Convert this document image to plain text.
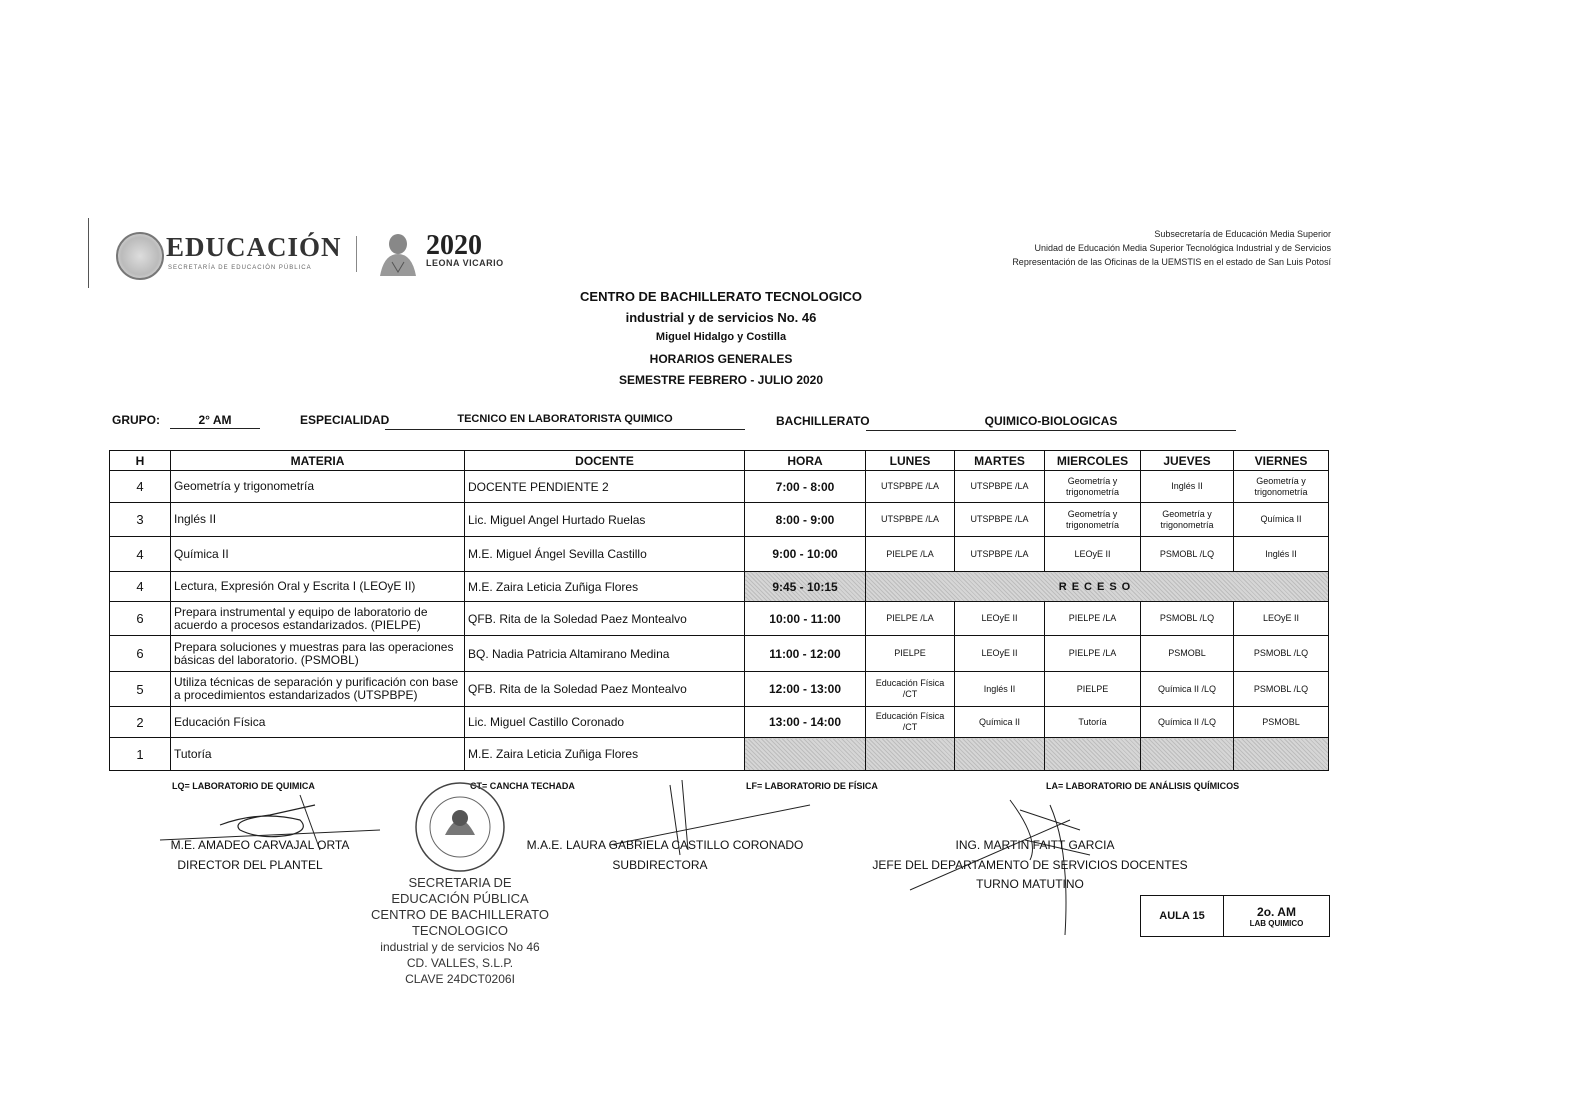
EDUCACIÓN
SECRETARÍA DE EDUCACIÓN PÚBLICA
2020
LEONA VICARIO
Subsecretaría de Educación Media Superior
Unidad de Educación Media Superior Tecnológica Industrial y de Servicios
Representación de las Oficinas de la UEMSTIS en el estado de San Luis Potosí
CENTRO DE BACHILLERATO TECNOLOGICO
industrial y de servicios No. 46
Miguel Hidalgo y Costilla
HORARIOS GENERALES
SEMESTRE FEBRERO - JULIO 2020
GRUPO:	2° AM	ESPECIALIDAD	TECNICO EN LABORATORISTA QUIMICO	BACHILLERATO	QUIMICO-BIOLOGICAS
H	MATERIA	DOCENTE	HORA	LUNES	MARTES	MIERCOLES	JUEVES	VIERNES
4	Geometría y trigonometría	DOCENTE PENDIENTE 2	7:00 - 8:00	UTSPBPE /LA	UTSPBPE /LA	Geometría y trigonometría	Inglés II	Geometría y trigonometría
3	Inglés II	Lic. Miguel Angel Hurtado Ruelas	8:00 - 9:00	UTSPBPE /LA	UTSPBPE /LA	Geometría y trigonometría	Geometría y trigonometría	Química II
4	Química II	M.E. Miguel Ángel Sevilla Castillo	9:00 - 10:00	PIELPE /LA	UTSPBPE /LA	LEOyE II	PSMOBL /LQ	Inglés II
4	Lectura, Expresión Oral y Escrita I (LEOyE II)	M.E. Zaira Leticia Zuñiga Flores	9:45 - 10:15	RECESO				
6	Prepara instrumental y equipo de laboratorio de acuerdo a procesos estandarizados. (PIELPE)	QFB. Rita de la Soledad Paez Montealvo	10:00 - 11:00	PIELPE /LA	LEOyE II	PIELPE /LA	PSMOBL /LQ	LEOyE II
6	Prepara soluciones y muestras para las operaciones básicas del laboratorio. (PSMOBL)	BQ. Nadia Patricia Altamirano Medina	11:00 - 12:00	PIELPE	LEOyE II	PIELPE /LA	PSMOBL	PSMOBL /LQ
5	Utiliza técnicas de separación y purificación con base a procedimientos estandarizados (UTSPBPE)	QFB. Rita de la Soledad Paez Montealvo	12:00 - 13:00	Educación Física /CT	Inglés II	PIELPE	Química II /LQ	PSMOBL /LQ
2	Educación Física	Lic. Miguel Castillo Coronado	13:00 - 14:00	Educación Física /CT	Química II	Tutoría	Química II /LQ	PSMOBL
1	Tutoría	M.E. Zaira Leticia Zuñiga Flores						
LQ= LABORATORIO DE QUIMICA	CT= CANCHA TECHADA	LF= LABORATORIO DE FÍSICA	LA= LABORATORIO DE ANÁLISIS QUÍMICOS
M.E. AMADEO CARVAJAL ORTA
DIRECTOR DEL PLANTEL
M.A.E. LAURA GABRIELA CASTILLO CORONADO
SUBDIRECTORA
ING. MARTIN FAITT GARCIA
JEFE DEL DEPARTAMENTO DE SERVICIOS DOCENTES
TURNO MATUTINO
SECRETARIA DE
EDUCACIÓN PÚBLICA
CENTRO DE BACHILLERATO
TECNOLOGICO
industrial y de servicios No 46
CD. VALLES, S.L.P.
CLAVE 24DCT0206I
AULA 15	2o. AM
LAB QUIMICO
